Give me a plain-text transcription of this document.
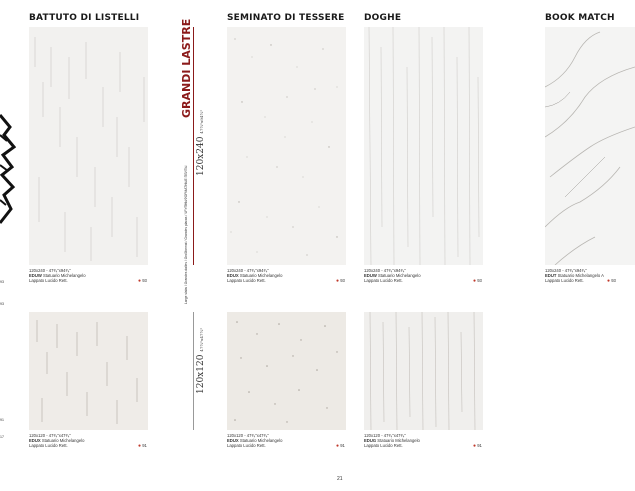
93
93
91
17
BATTUTO DI LISTELLI	SEMINATO DI TESSERE DOGHE	BOOK MATCH
120x240 - 47³⁄₄"x94³⁄₄"
EDUW Statuario Michelangelo
Lappato Lucido Rett.	● 93
120x120 - 47³⁄₄"x47³⁄₄"
EDUX Statuario Michelangelo
Lappato Lucido Rett.	● 91
GRANDI LASTRE
120x240 47³⁄₄"x94³⁄₄"
120x120 47³⁄₄"x47³⁄₄"
Large slabs / Grandes dalles / Großformat / Grandes placas / ЧРУПНЫФОРМАТНЫЕ ПЛИТЫ	120x240 - 47³⁄₄"x94³⁄₄"
EDUX Statuario Michelangelo
Lappato Lucido Rett.	● 93
120x120 - 47³⁄₄"x47³⁄₄"
EDUX Statuario Michelangelo
Lappato Lucido Rett.	● 91
120x240 - 47³⁄₄"x94³⁄₄"
EDUW Statuario Michelangelo
Lappato Lucido Rett.	● 93
120x120 - 47³⁄₄"x47³⁄₄"
EDUG Statuario Michelangelo
Lappato Lucido Rett.	● 91
120x240 - 47³⁄₄"x94³⁄₄"
EDUT Statuario Michelangelo A
Lappato Lucido Rett.	● 93
21
